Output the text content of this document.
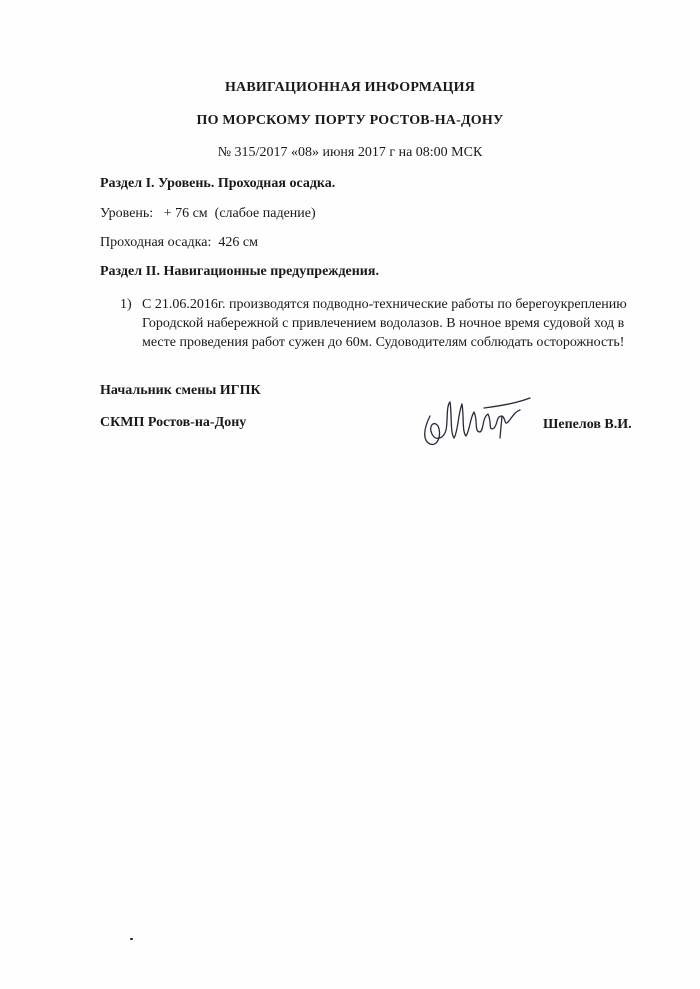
НАВИГАЦИОННАЯ ИНФОРМАЦИЯ
ПО МОРСКОМУ ПОРТУ РОСТОВ-НА-ДОНУ
№ 315/2017 «08» июня 2017 г на 08:00 МСК
Раздел I. Уровень. Проходная осадка.
Уровень:   + 76 см  (слабое падение)
Проходная осадка:  426 см
Раздел II. Навигационные предупреждения.
1) С 21.06.2016г. производятся подводно-технические работы по берегоукреплению Городской набережной с привлечением водолазов. В ночное время судовой ход в месте проведения работ сужен до 60м. Судоводителям соблюдать осторожность!
Начальник смены ИГПК
СКМП Ростов-на-Дону	Шепелов В.И.
